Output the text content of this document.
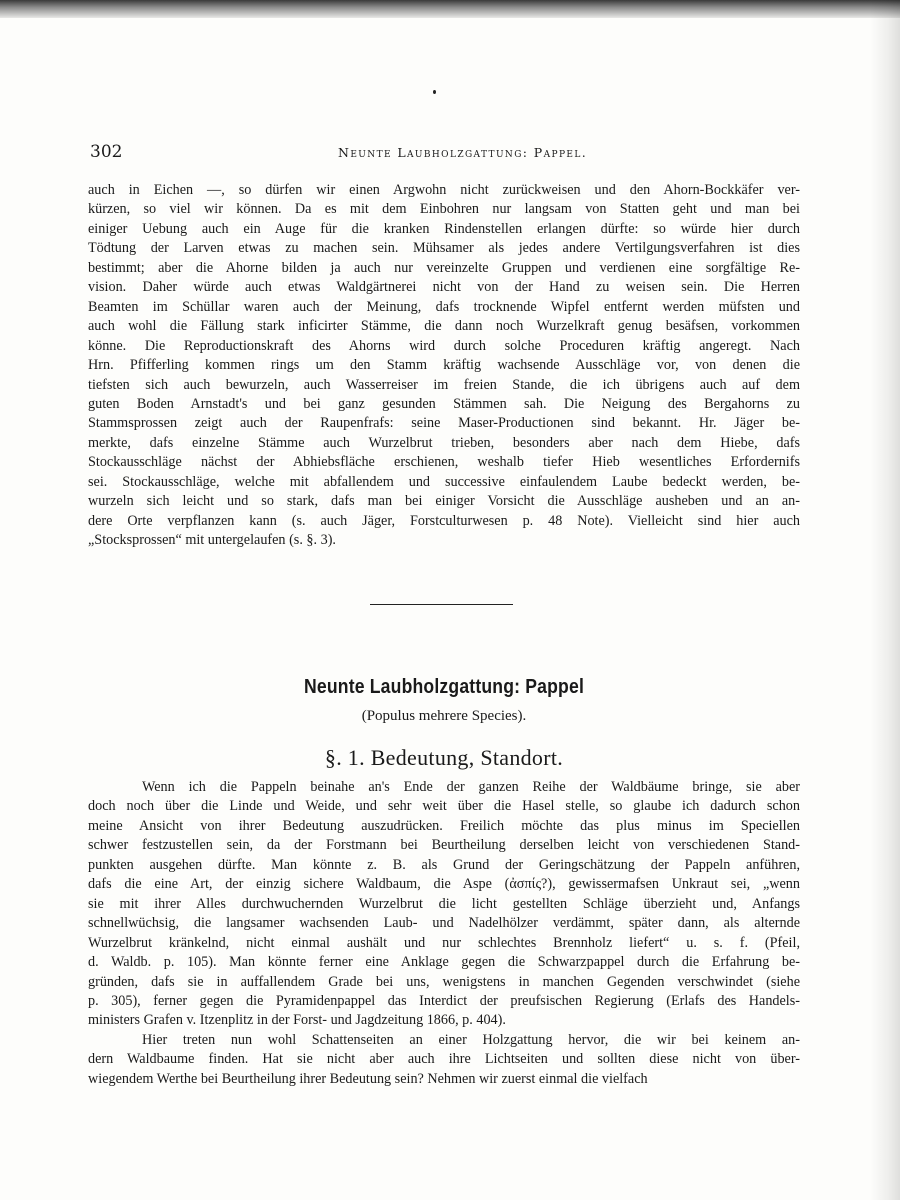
302	Neunte Laubholzgattung: Pappel.
auch in Eichen —, so dürfen wir einen Argwohn nicht zurückweisen und den Ahorn-Bockkäfer ver-
kürzen, so viel wir können. Da es mit dem Einbohren nur langsam von Statten geht und man bei
einiger Uebung auch ein Auge für die kranken Rindenstellen erlangen dürfte: so würde hier durch
Tödtung der Larven etwas zu machen sein. Mühsamer als jedes andere Vertilgungsverfahren ist dies
bestimmt; aber die Ahorne bilden ja auch nur vereinzelte Gruppen und verdienen eine sorgfältige Re-
vision. Daher würde auch etwas Waldgärtnerei nicht von der Hand zu weisen sein. Die Herren
Beamten im Schüllar waren auch der Meinung, dafs trocknende Wipfel entfernt werden müfsten und
auch wohl die Fällung stark inficirter Stämme, die dann noch Wurzelkraft genug besäfsen, vorkommen
könne. Die Reproductionskraft des Ahorns wird durch solche Proceduren kräftig angeregt. Nach
Hrn. Pfifferling kommen rings um den Stamm kräftig wachsende Ausschläge vor, von denen die
tiefsten sich auch bewurzeln, auch Wasserreiser im freien Stande, die ich übrigens auch auf dem
guten Boden Arnstadt's und bei ganz gesunden Stämmen sah. Die Neigung des Bergahorns zu
Stammsprossen zeigt auch der Raupenfrafs: seine Maser-Productionen sind bekannt. Hr. Jäger be-
merkte, dafs einzelne Stämme auch Wurzelbrut trieben, besonders aber nach dem Hiebe, dafs
Stockausschläge nächst der Abhiebsfläche erschienen, weshalb tiefer Hieb wesentliches Erfordernifs
sei. Stockausschläge, welche mit abfallendem und successive einfaulendem Laube bedeckt werden, be-
wurzeln sich leicht und so stark, dafs man bei einiger Vorsicht die Ausschläge ausheben und an an-
dere Orte verpflanzen kann (s. auch Jäger, Forstculturwesen p. 48 Note). Vielleicht sind hier auch
„Stocksprossen“ mit untergelaufen (s. §. 3).
Neunte Laubholzgattung: Pappel
(Populus mehrere Species).
§. 1. Bedeutung, Standort.
Wenn ich die Pappeln beinahe an's Ende der ganzen Reihe der Waldbäume bringe, sie aber
doch noch über die Linde und Weide, und sehr weit über die Hasel stelle, so glaube ich dadurch schon
meine Ansicht von ihrer Bedeutung auszudrücken. Freilich möchte das plus minus im Speciellen
schwer festzustellen sein, da der Forstmann bei Beurtheilung derselben leicht von verschiedenen Stand-
punkten ausgehen dürfte. Man könnte z. B. als Grund der Geringschätzung der Pappeln anführen,
dafs die eine Art, der einzig sichere Waldbaum, die Aspe (ἀσπίς?), gewissermafsen Unkraut sei, „wenn
sie mit ihrer Alles durchwuchernden Wurzelbrut die licht gestellten Schläge überzieht und, Anfangs
schnellwüchsig, die langsamer wachsenden Laub- und Nadelhölzer verdämmt, später dann, als alternde
Wurzelbrut kränkelnd, nicht einmal aushält und nur schlechtes Brennholz liefert“ u. s. f. (Pfeil,
d. Waldb. p. 105). Man könnte ferner eine Anklage gegen die Schwarzpappel durch die Erfahrung be-
gründen, dafs sie in auffallendem Grade bei uns, wenigstens in manchen Gegenden verschwindet (siehe
p. 305), ferner gegen die Pyramidenpappel das Interdict der preufsischen Regierung (Erlafs des Handels-
ministers Grafen v. Itzenplitz in der Forst- und Jagdzeitung 1866, p. 404).
Hier treten nun wohl Schattenseiten an einer Holzgattung hervor, die wir bei keinem an-
dern Waldbaume finden. Hat sie nicht aber auch ihre Lichtseiten und sollten diese nicht von über-
wiegendem Werthe bei Beurtheilung ihrer Bedeutung sein? Nehmen wir zuerst einmal die vielfach
